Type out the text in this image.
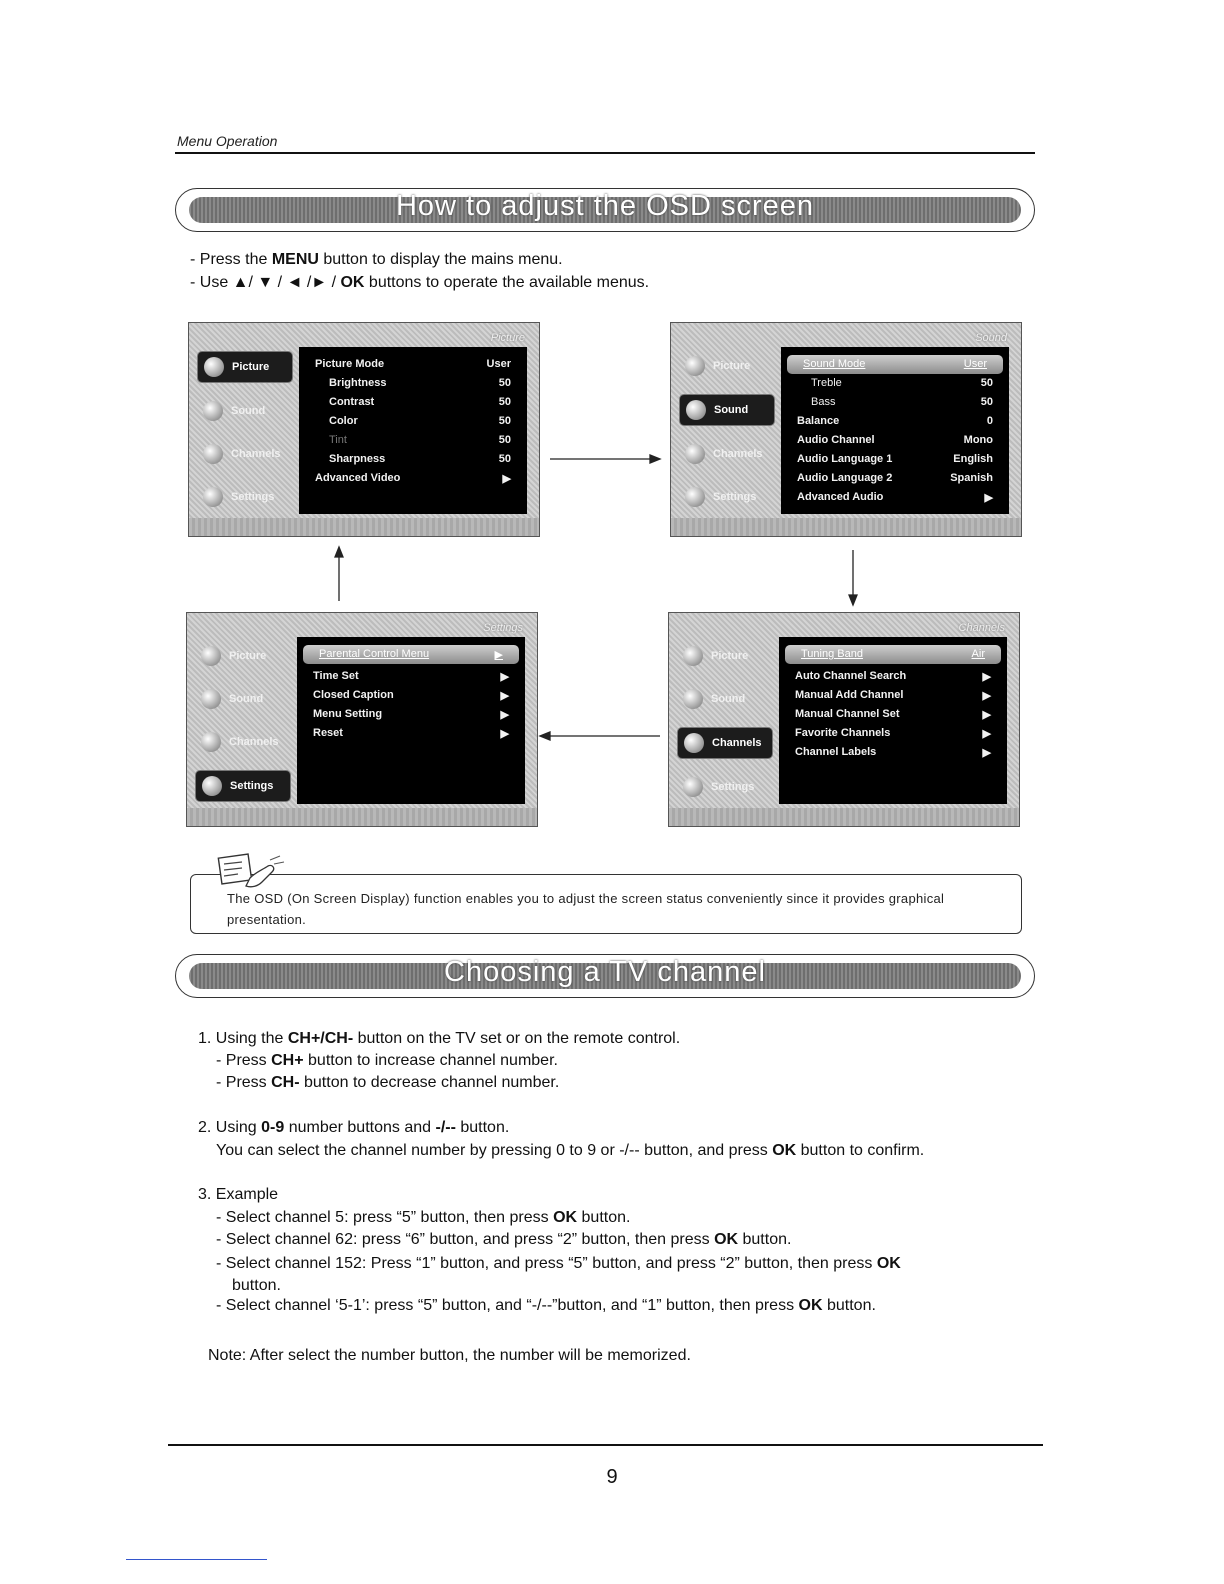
Menu Operation
How to adjust the OSD screen
- Press the MENU button to display the mains menu.
- Use ▲/ ▼ / ◄ /► / OK buttons to operate the available menus.
Picture
Picture
Sound
Channels
Settings
Picture Mode	User
Brightness	50
Contrast	50
Color	50
Tint	50
Sharpness	50
Advanced Video	▶
Sound
Picture
Sound
Channels
Settings
Sound Mode	User
Treble	50
Bass	50
Balance	0
Audio Channel	Mono
Audio Language 1	English
Audio Language 2	Spanish
Advanced Audio	▶
Settings
Picture
Sound
Channels
Settings
Parental Control Menu	▶
Time Set	▶
Closed Caption	▶
Menu Setting	▶
Reset	▶
Channels
Picture
Sound
Channels
Settings
Tuning Band	Air
Auto Channel Search	▶
Manual Add Channel	▶
Manual Channel Set	▶
Favorite Channels	▶
Channel Labels	▶
The OSD (On Screen Display) function enables you to adjust the screen status conveniently since it provides graphical presentation.
Choosing a TV channel
1. Using the CH+/CH- button on the TV set or on the remote control.
- Press CH+ button to increase channel number.
- Press CH- button to decrease channel number.
2. Using 0-9 number buttons and -/-- button.
You can select the channel number by pressing 0 to 9 or -/-- button, and press OK button to confirm.
3. Example
- Select channel 5: press “5” button, then press OK button.
- Select channel 62: press “6” button, and press “2” button, then press OK button.
- Select channel 152: Press “1” button, and press “5” button, and press “2” button, then press OK
button.
- Select channel ‘5-1’: press “5” button, and “-/--”button, and “1” button, then press OK button.
Note: After select the number button, the number will be memorized.
9
